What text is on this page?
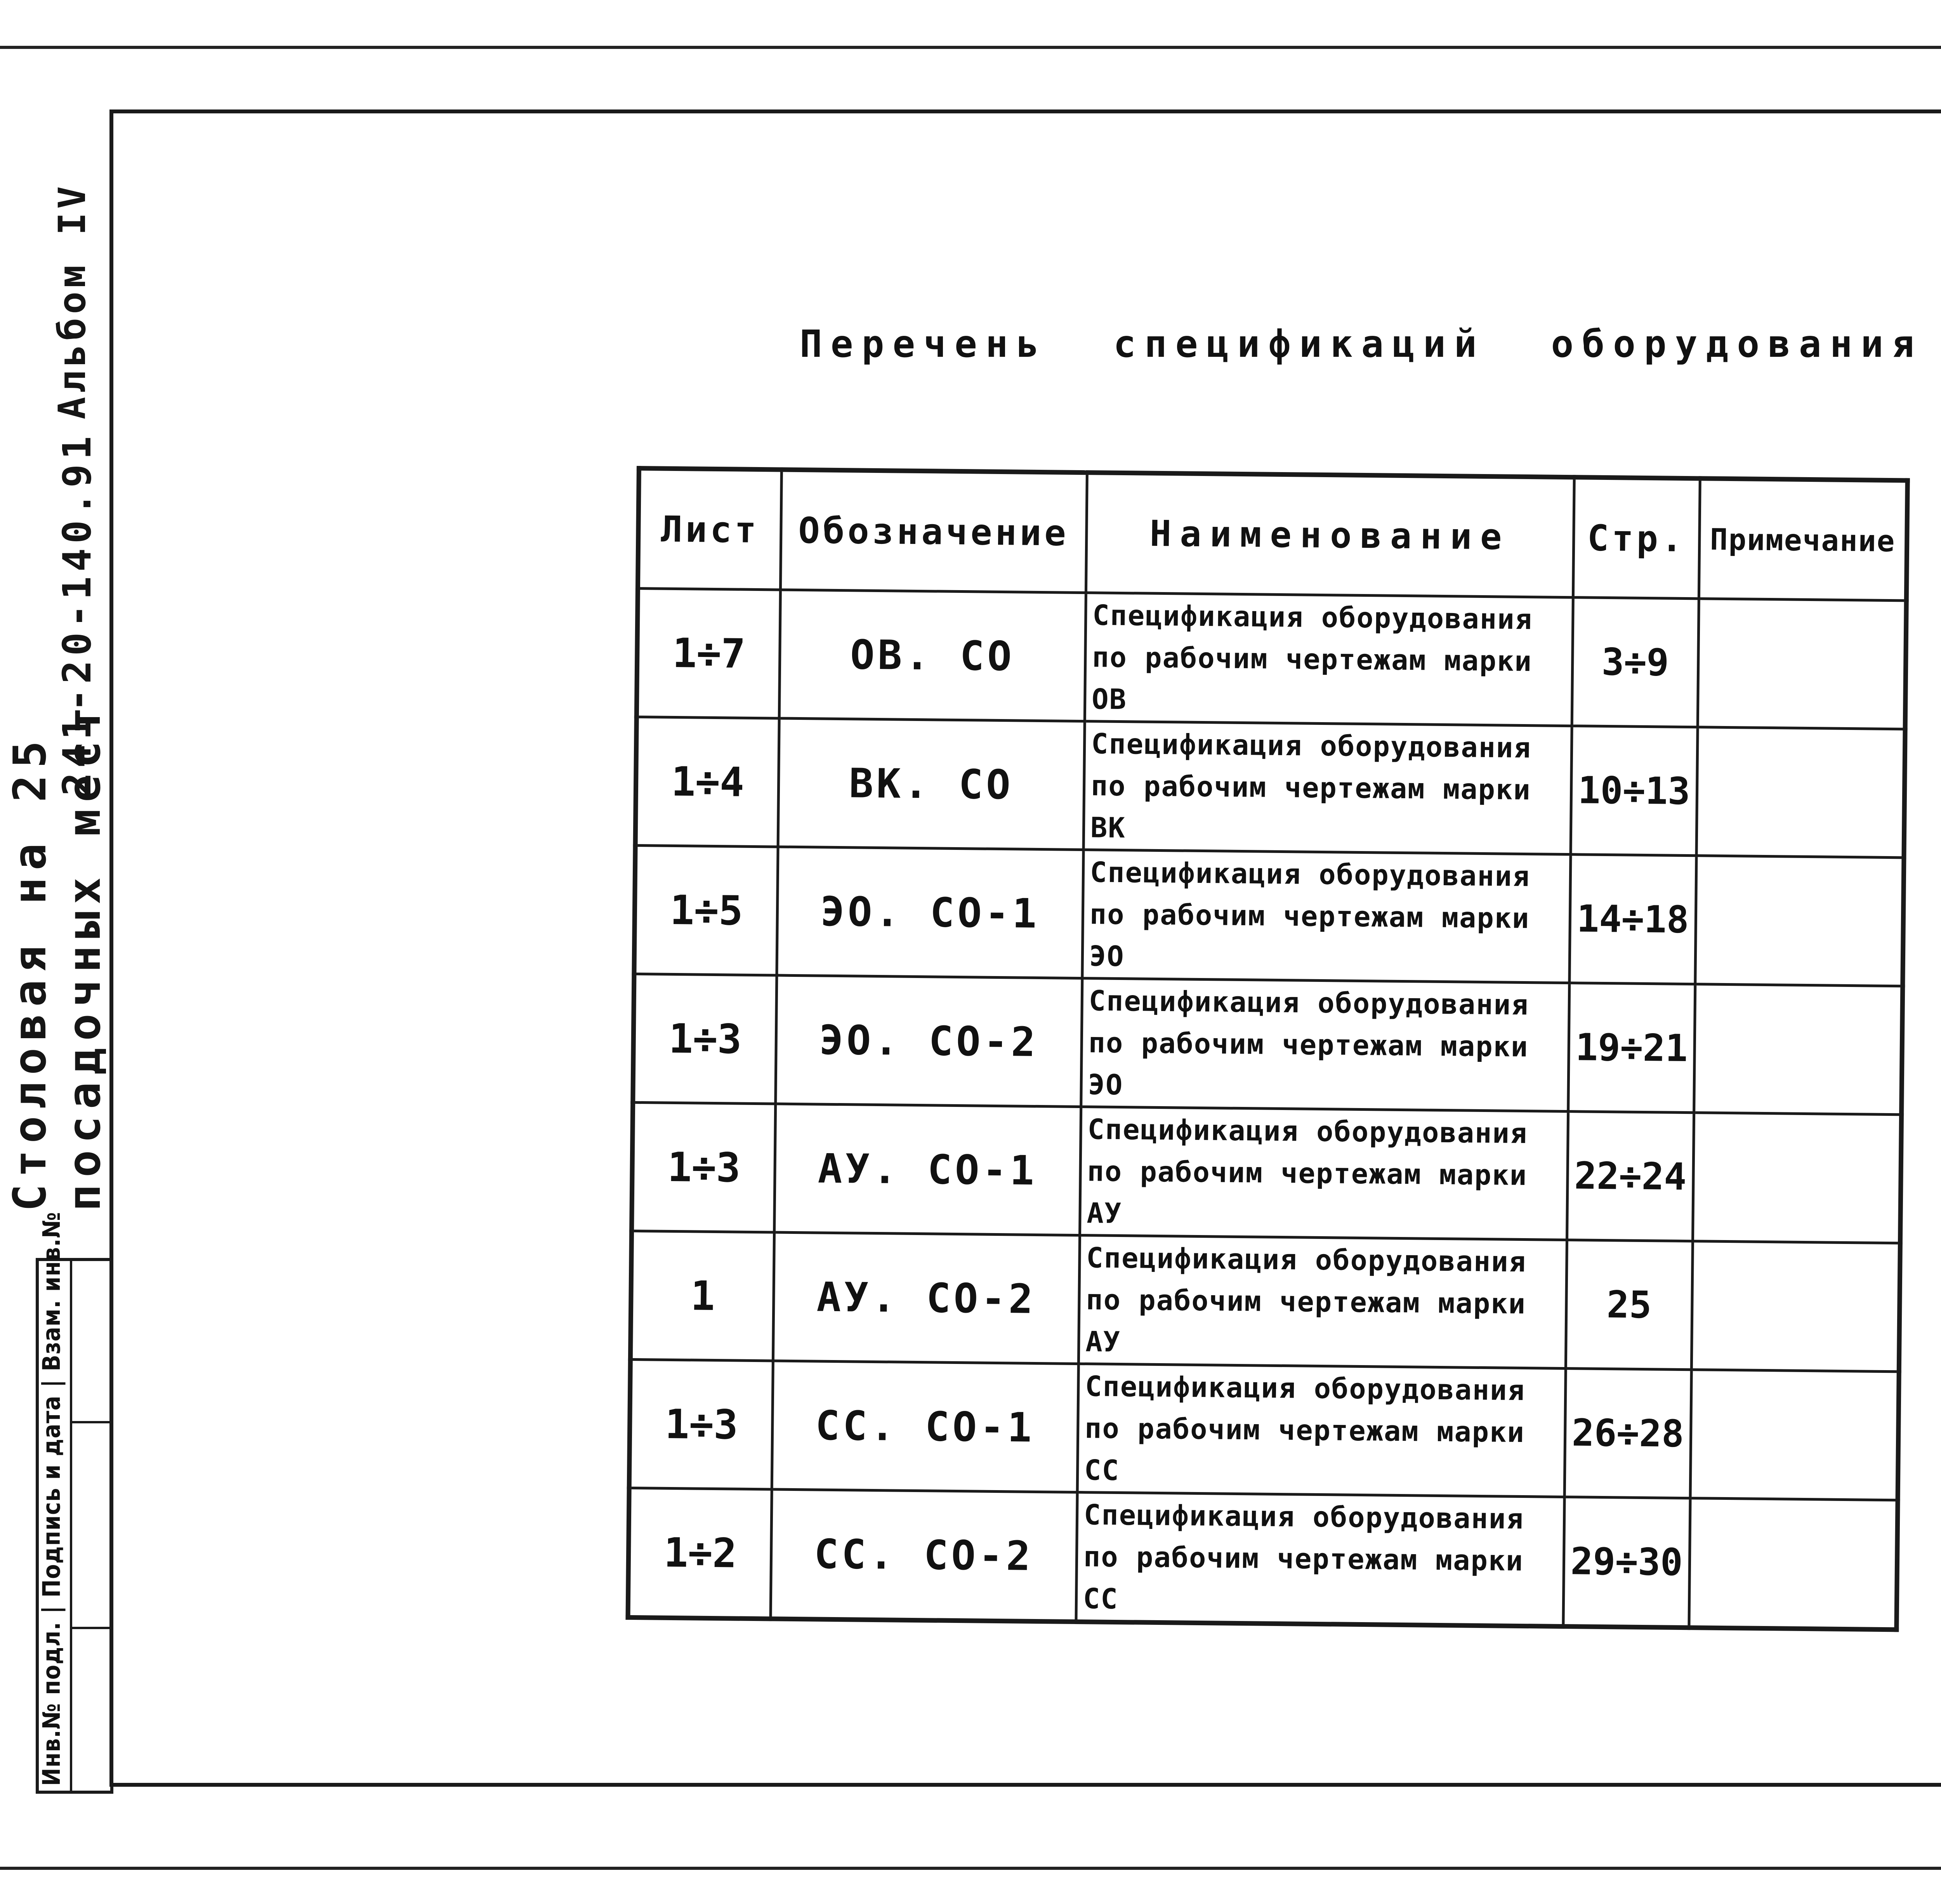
Альбом IV
241-20-140.91
Столовая на 25 посадочных мест
Инв.№ подл. | Подпись и дата | Взам. инв.№
Перечень спецификаций оборудования
Лист	Обозначение	Наименование	Стр.	Примечание
1÷7	ОВ. СО	Спецификация оборудования по рабочим чертежам марки ОВ	3÷9	
1÷4	ВК. СО	Спецификация оборудования по рабочим чертежам марки ВК	10÷13	
1÷5	ЭО. СО-1	Спецификация оборудования по рабочим чертежам марки ЭО	14÷18	
1÷3	ЭО. СО-2	Спецификация оборудования по рабочим чертежам марки ЭО	19÷21	
1÷3	АУ. СО-1	Спецификация оборудования по рабочим чертежам марки АУ	22÷24	
1	АУ. СО-2	Спецификация оборудования по рабочим чертежам марки АУ	25	
1÷3	СС. СО-1	Спецификация оборудования по рабочим чертежам марки СС	26÷28	
1÷2	СС. СО-2	Спецификация оборудования по рабочим чертежам марки СС	29÷30	
